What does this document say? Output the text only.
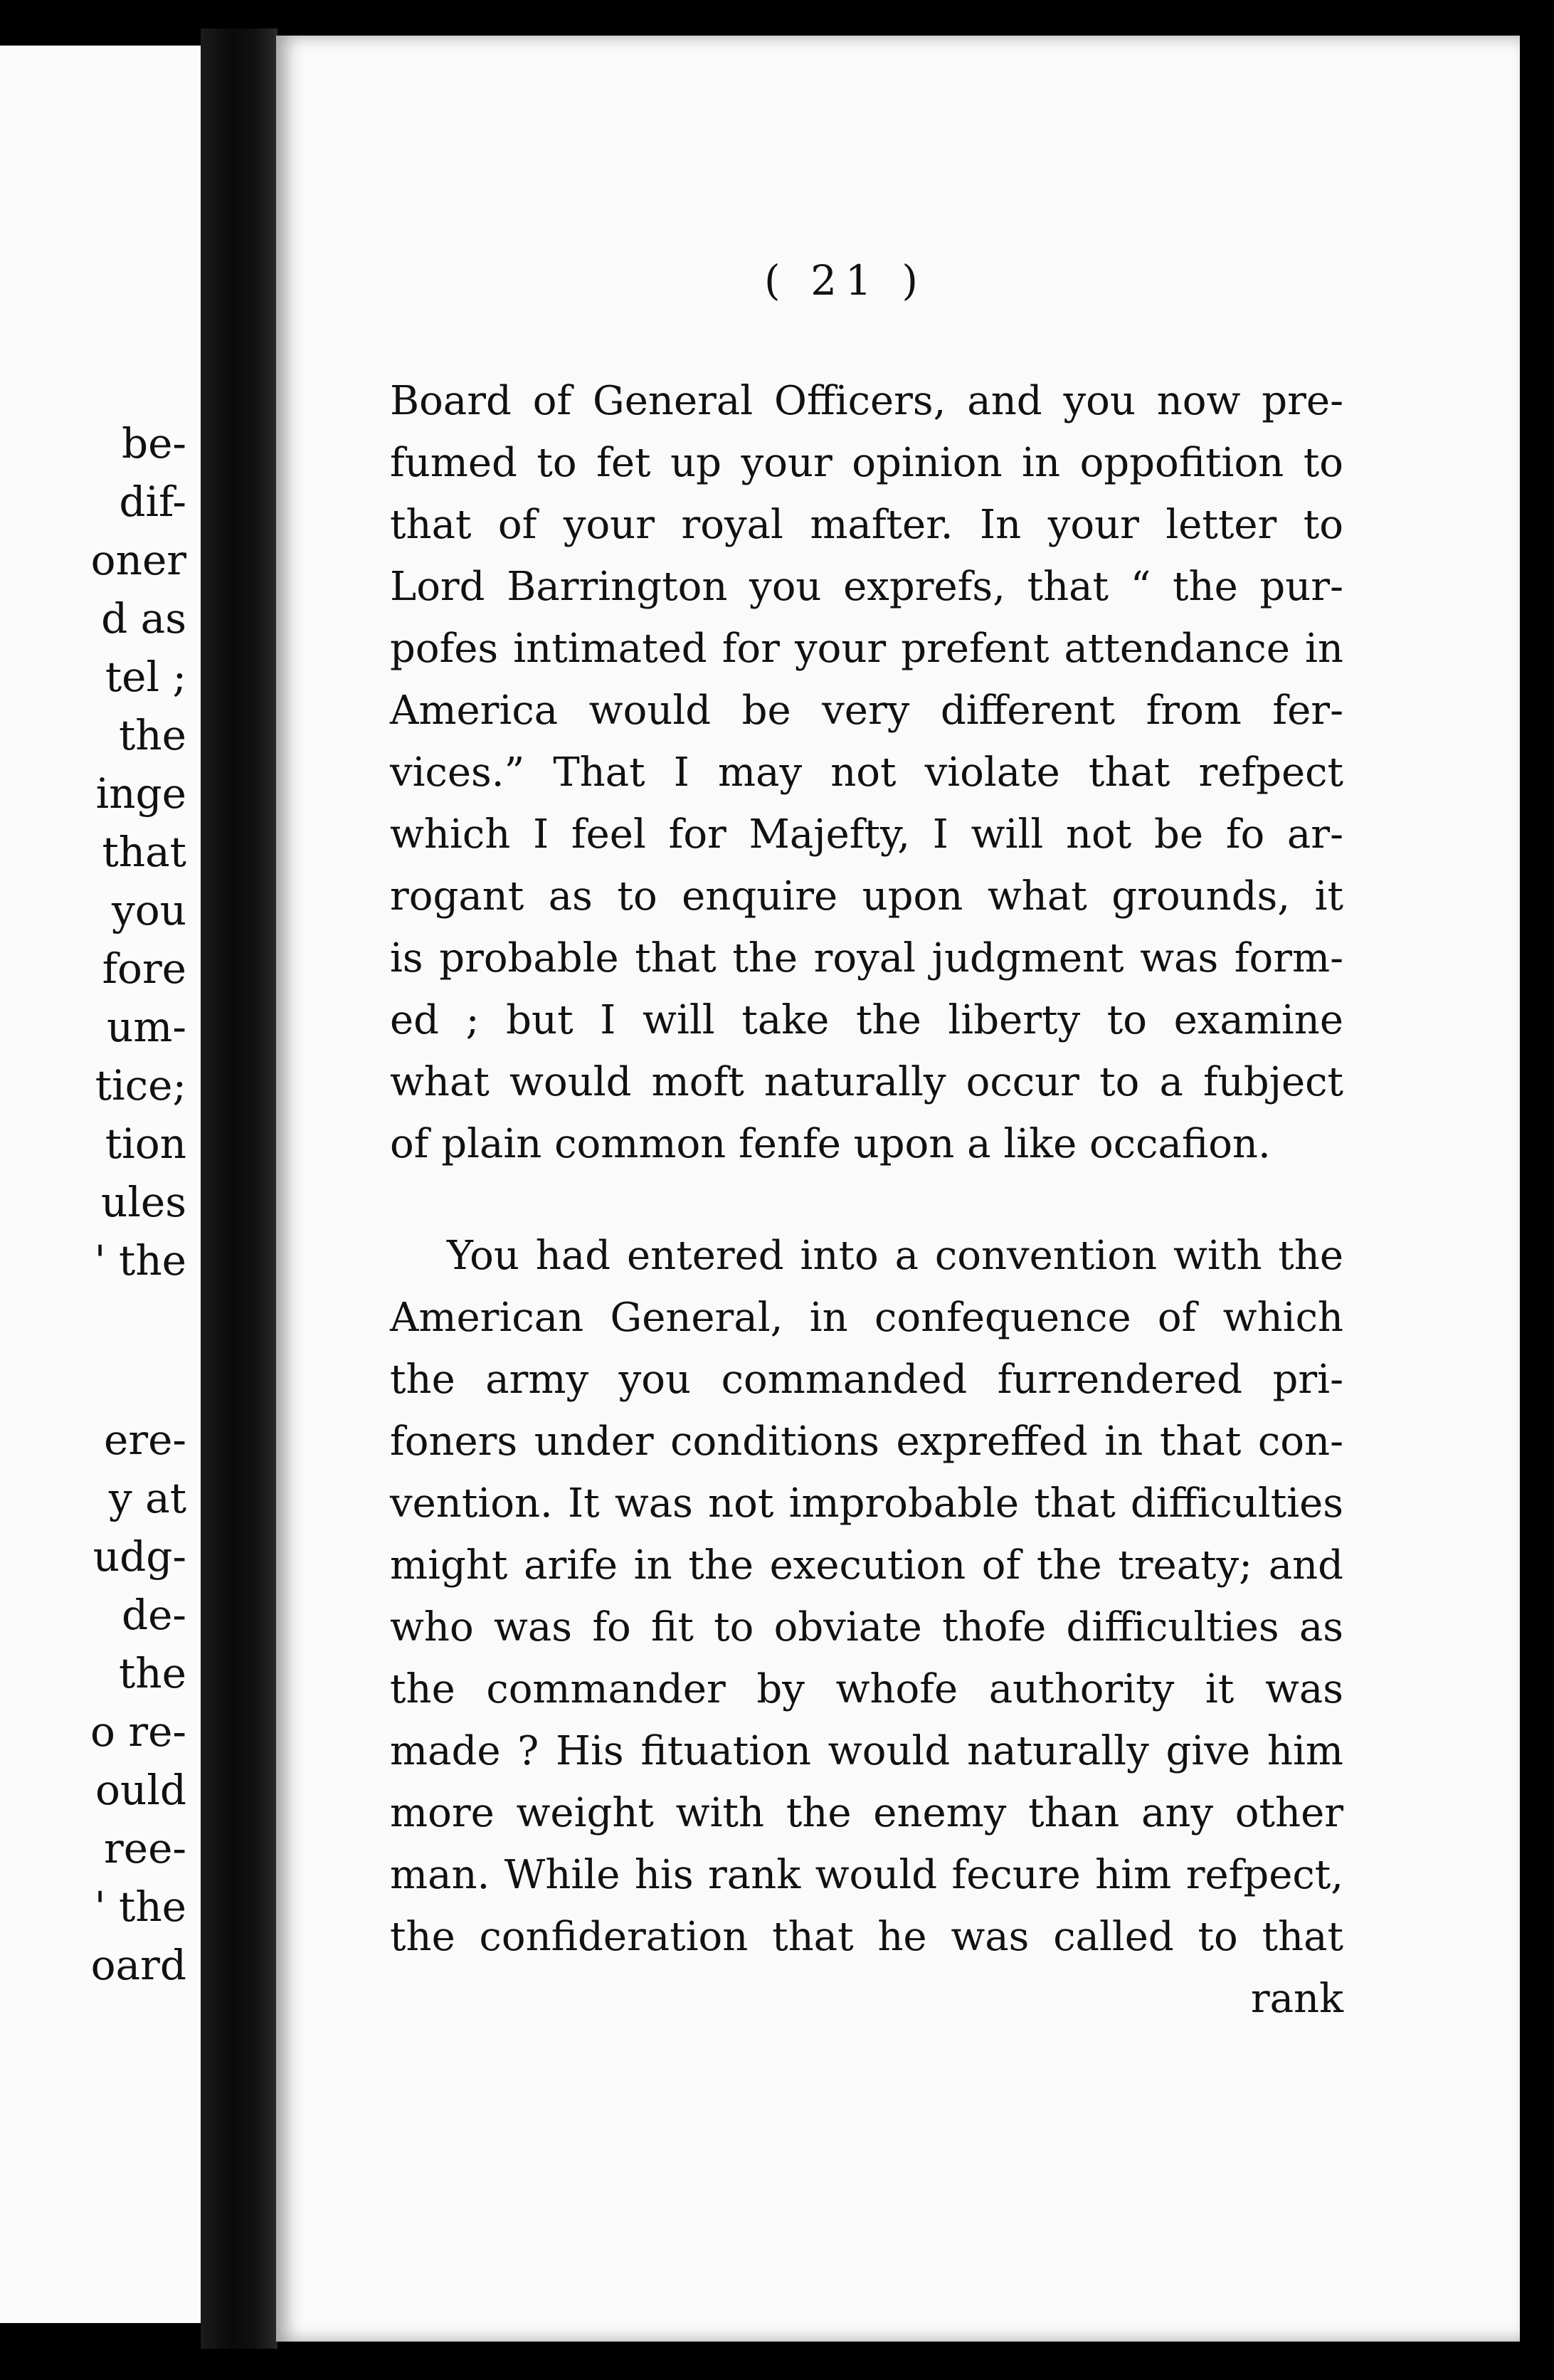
be-
dif-
oner
d as
tel ;
the
inge
that
you
fore
um-
tice;
tion
ules
' the
ere-
y at
udg-
de-
the
o re-
ould
ree-
' the
oard
( 21 )
Board of General Officers, and you now pre-
fumed to fet up your opinion in oppofition to
that of your royal mafter. In your letter to
Lord Barrington you exprefs, that “ the pur-
pofes intimated for your prefent attendance in
America would be very different from fer-
vices.” That I may not violate that refpect
which I feel for Majefty, I will not be fo ar-
rogant as to enquire upon what grounds, it
is probable that the royal judgment was form-
ed ; but I will take the liberty to examine
what would moft naturally occur to a fubject
of plain common fenfe upon a like occafion.
You had entered into a convention with the
American General, in confequence of which
the army you commanded furrendered pri-
foners under conditions expreffed in that con-
vention. It was not improbable that difficulties
might arife in the execution of the treaty; and
who was fo fit to obviate thofe difficulties as
the commander by whofe authority it was
made ? His fituation would naturally give him
more weight with the enemy than any other
man. While his rank would fecure him refpect,
the confideration that he was called to that
rank
